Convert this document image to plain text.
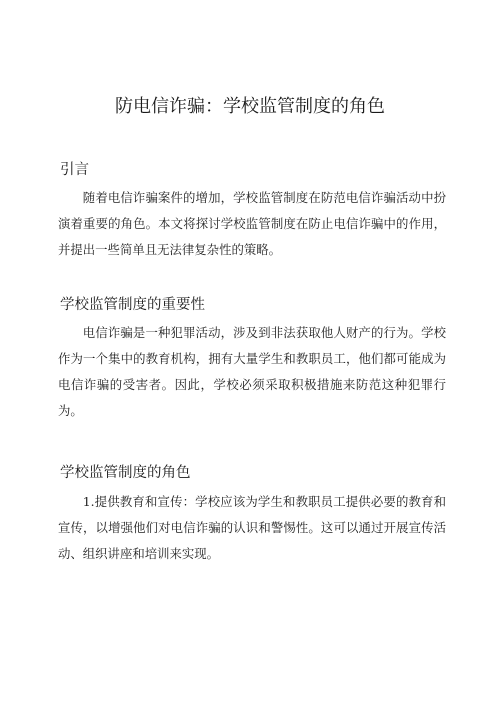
防电信诈骗：学校监管制度的角色
引言

随着电信诈骗案件的增加，学校监管制度在防范电信诈骗活动中扮演着重要的角色。本文将探讨学校监管制度在防止电信诈骗中的作用，并提出一些简单且无法律复杂性的策略。

学校监管制度的重要性

电信诈骗是一种犯罪活动，涉及到非法获取他人财产的行为。学校作为一个集中的教育机构，拥有大量学生和教职员工，他们都可能成为电信诈骗的受害者。因此，学校必须采取积极措施来防范这种犯罪行为。

学校监管制度的角色

1.提供教育和宣传：学校应该为学生和教职员工提供必要的教育和宣传，以增强他们对电信诈骗的认识和警惕性。这可以通过开展宣传活动、组织讲座和培训来实现。
